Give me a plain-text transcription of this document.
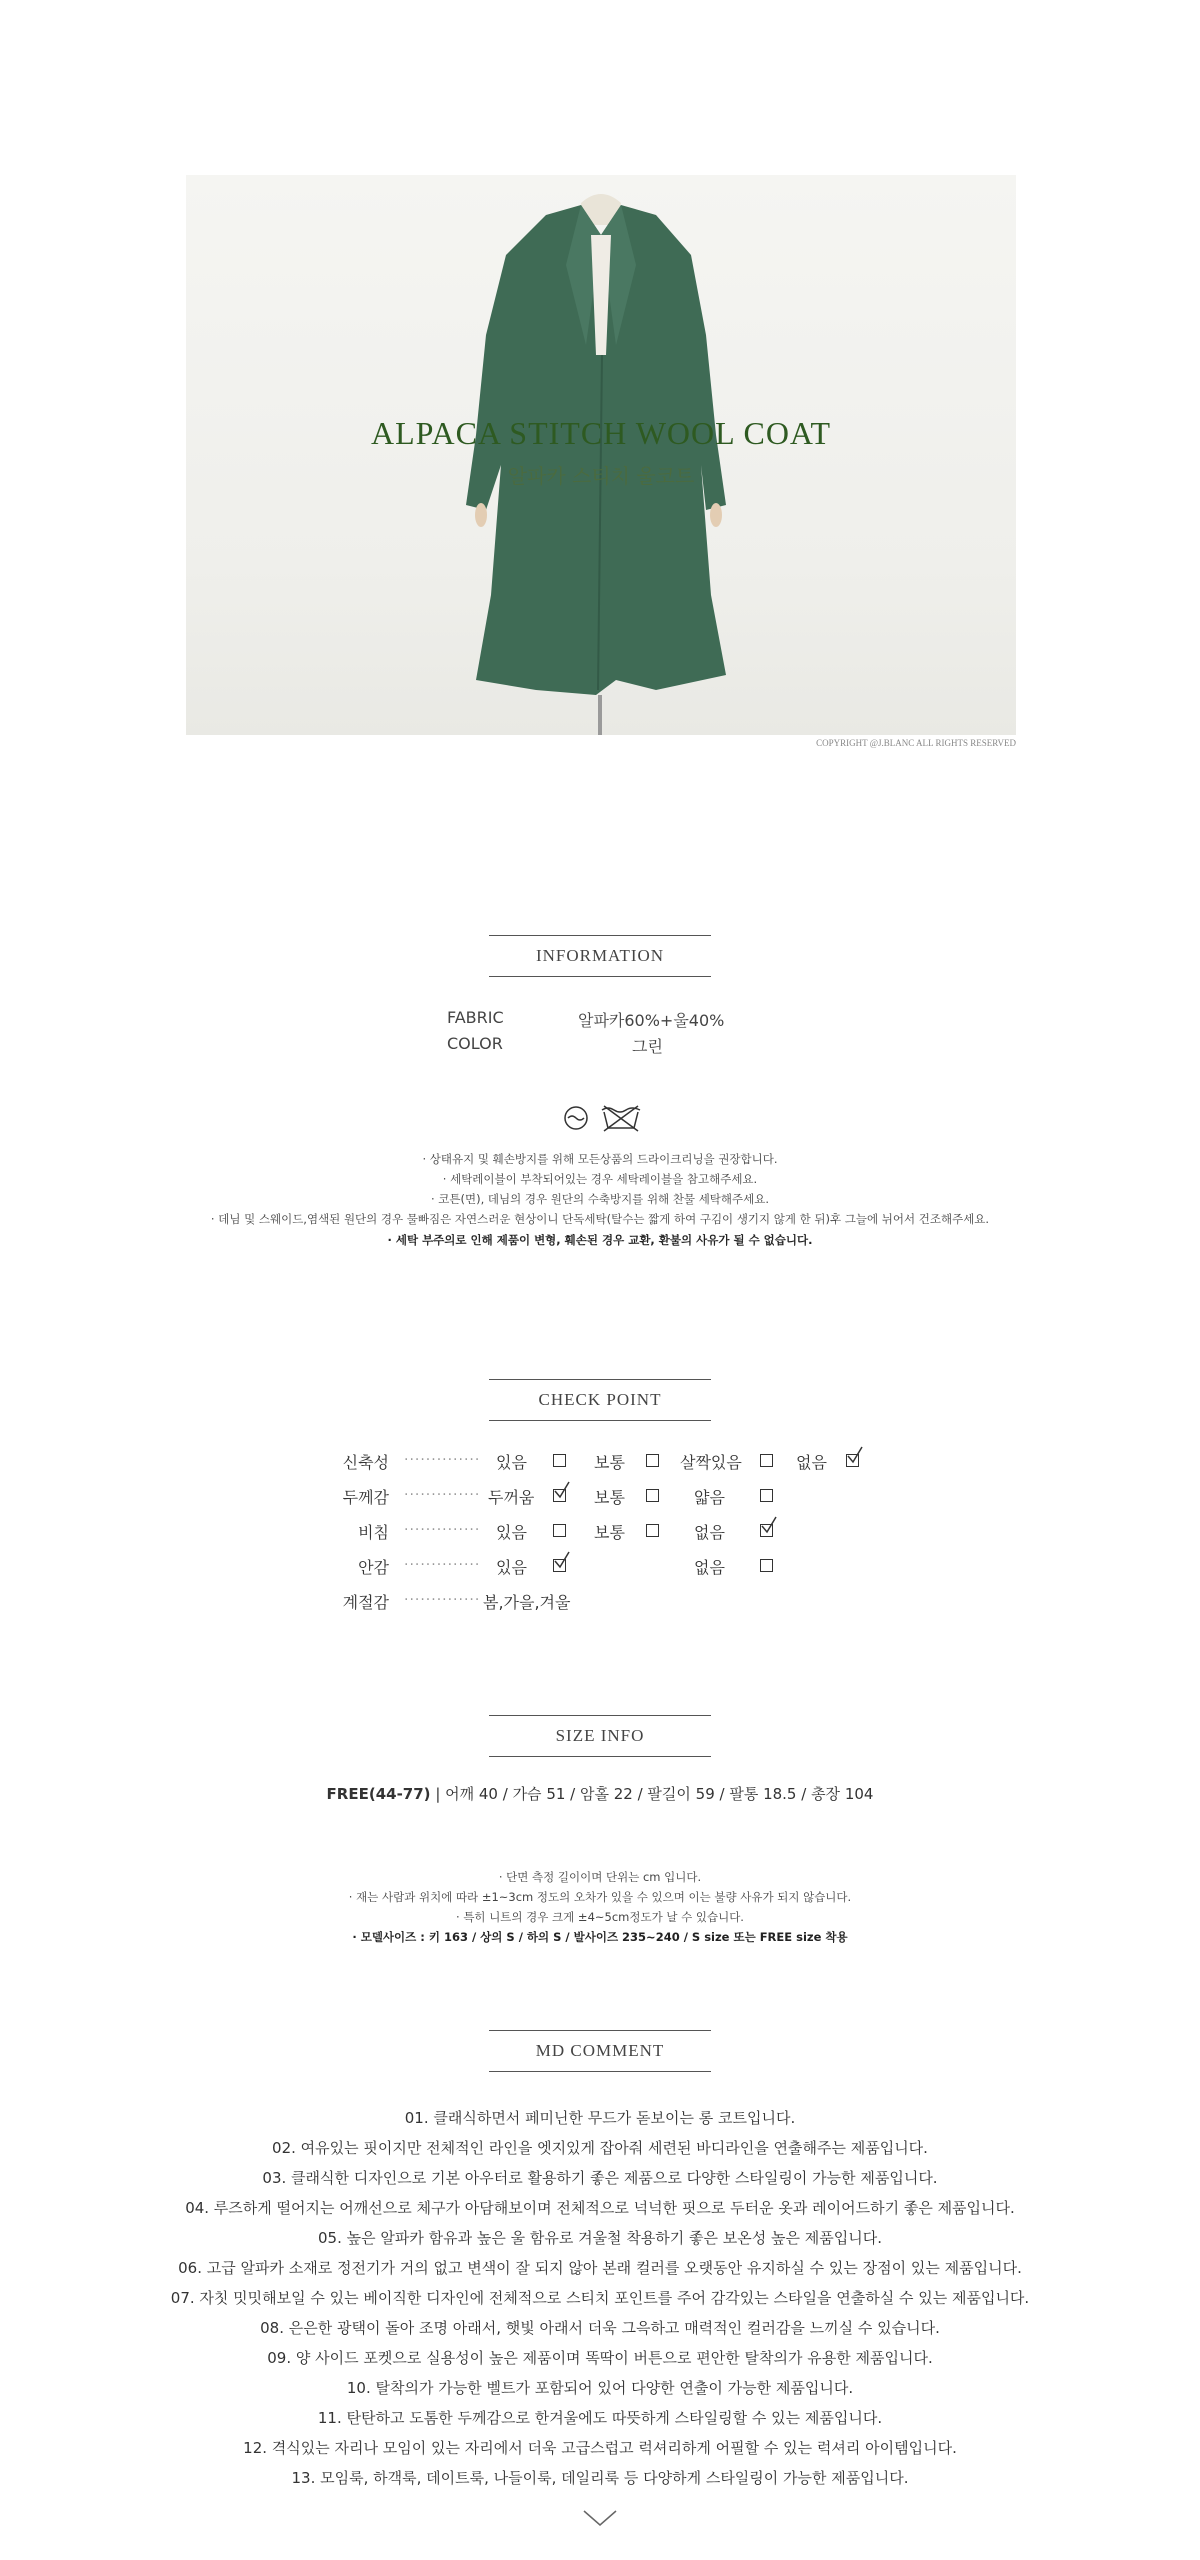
ALPACA STITCH WOOL COAT
알파카 스티치 울코트
COPYRIGHT @J.BLANC ALL RIGHTS RESERVED
INFORMATION
FABRIC	알파카60%+울40%
COLOR	그린
· 상태유지 및 훼손방지를 위해 모든상품의 드라이크리닝을 권장합니다.
· 세탁레이블이 부착되어있는 경우 세탁레이블을 참고해주세요.
· 코튼(면), 데님의 경우 원단의 수축방지를 위해 찬물 세탁해주세요.
· 데님 및 스웨이드,염색된 원단의 경우 물빠짐은 자연스러운 현상이니 단독세탁(탈수는 짧게 하여 구김이 생기지 않게 한 뒤)후 그늘에 뉘어서 건조해주세요.
· 세탁 부주의로 인해 제품이 변형, 훼손된 경우 교환, 환불의 사유가 될 수 없습니다.
CHECK POINT
신축성 ·············· 있음	보통	살짝있음	없음
두께감 ·············· 두꺼움	보통	얇음
비침 ·············· 있음	보통	없음
안감 ·············· 있음	없음
계절감 ·············· 봄,가을,겨울
SIZE INFO
FREE(44-77) | 어깨 40 / 가슴 51 / 암홀 22 / 팔길이 59 / 팔통 18.5 / 총장 104
· 단면 측정 길이이며 단위는 cm 입니다.
· 재는 사람과 위치에 따라 ±1~3cm 정도의 오차가 있을 수 있으며 이는 불량 사유가 되지 않습니다.
· 특히 니트의 경우 크게 ±4~5cm정도가 날 수 있습니다.
· 모델사이즈 : 키 163 / 상의 S / 하의 S / 발사이즈 235~240 / S size 또는 FREE size 착용
MD COMMENT
01. 클래식하면서 페미닌한 무드가 돋보이는 롱 코트입니다.
02. 여유있는 핏이지만 전체적인 라인을 엣지있게 잡아줘 세련된 바디라인을 연출해주는 제품입니다.
03. 클래식한 디자인으로 기본 아우터로 활용하기 좋은 제품으로 다양한 스타일링이 가능한 제품입니다.
04. 루즈하게 떨어지는 어깨선으로 체구가 아담해보이며 전체적으로 넉넉한 핏으로 두터운 옷과 레이어드하기 좋은 제품입니다.
05. 높은 알파카 함유과 높은 울 함유로 겨울철 착용하기 좋은 보온성 높은 제품입니다.
06. 고급 알파카 소재로 정전기가 거의 없고 변색이 잘 되지 않아 본래 컬러를 오랫동안 유지하실 수 있는 장점이 있는 제품입니다.
07. 자칫 밋밋해보일 수 있는 베이직한 디자인에 전체적으로 스티치 포인트를 주어 감각있는 스타일을 연출하실 수 있는 제품입니다.
08. 은은한 광택이 돌아 조명 아래서, 햇빛 아래서 더욱 그윽하고 매력적인 컬러감을 느끼실 수 있습니다.
09. 양 사이드 포켓으로 실용성이 높은 제품이며 똑딱이 버튼으로 편안한 탈착의가 유용한 제품입니다.
10. 탈착의가 가능한 벨트가 포함되어 있어 다양한 연출이 가능한 제품입니다.
11. 탄탄하고 도톰한 두께감으로 한겨울에도 따뜻하게 스타일링할 수 있는 제품입니다.
12. 격식있는 자리나 모임이 있는 자리에서 더욱 고급스럽고 럭셔리하게 어필할 수 있는 럭셔리 아이템입니다.
13. 모임룩, 하객룩, 데이트룩, 나들이룩, 데일리룩 등 다양하게 스타일링이 가능한 제품입니다.
